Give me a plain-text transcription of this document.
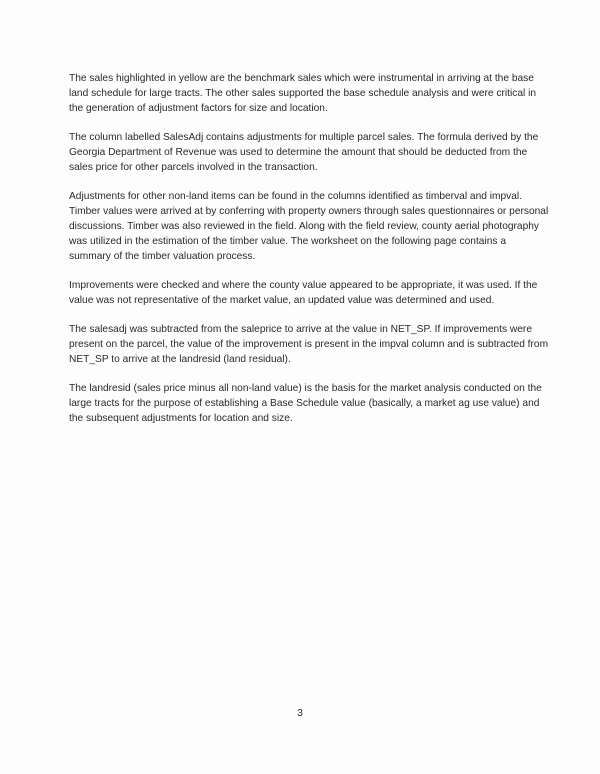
The sales highlighted in yellow are the benchmark sales which were instrumental in arriving at the base land schedule for large tracts. The other sales supported the base schedule analysis and were critical in the generation of adjustment factors for size and location.

The column labelled SalesAdj contains adjustments for multiple parcel sales. The formula derived by the Georgia Department of Revenue was used to determine the amount that should be deducted from the sales price for other parcels involved in the transaction.

Adjustments for other non-land items can be found in the columns identified as timberval and impval. Timber values were arrived at by conferring with property owners through sales questionnaires or personal discussions. Timber was also reviewed in the field. Along with the field review, county aerial photography was utilized in the estimation of the timber value. The worksheet on the following page contains a summary of the timber valuation process.

Improvements were checked and where the county value appeared to be appropriate, it was used. If the value was not representative of the market value, an updated value was determined and used.

The salesadj was subtracted from the saleprice to arrive at the value in NET_SP. If improvements were present on the parcel, the value of the improvement is present in the impval column and is subtracted from NET_SP to arrive at the landresid (land residual).

The landresid (sales price minus all non-land value) is the basis for the market analysis conducted on the large tracts for the purpose of establishing a Base Schedule value (basically, a market ag use value) and the subsequent adjustments for location and size.

3
